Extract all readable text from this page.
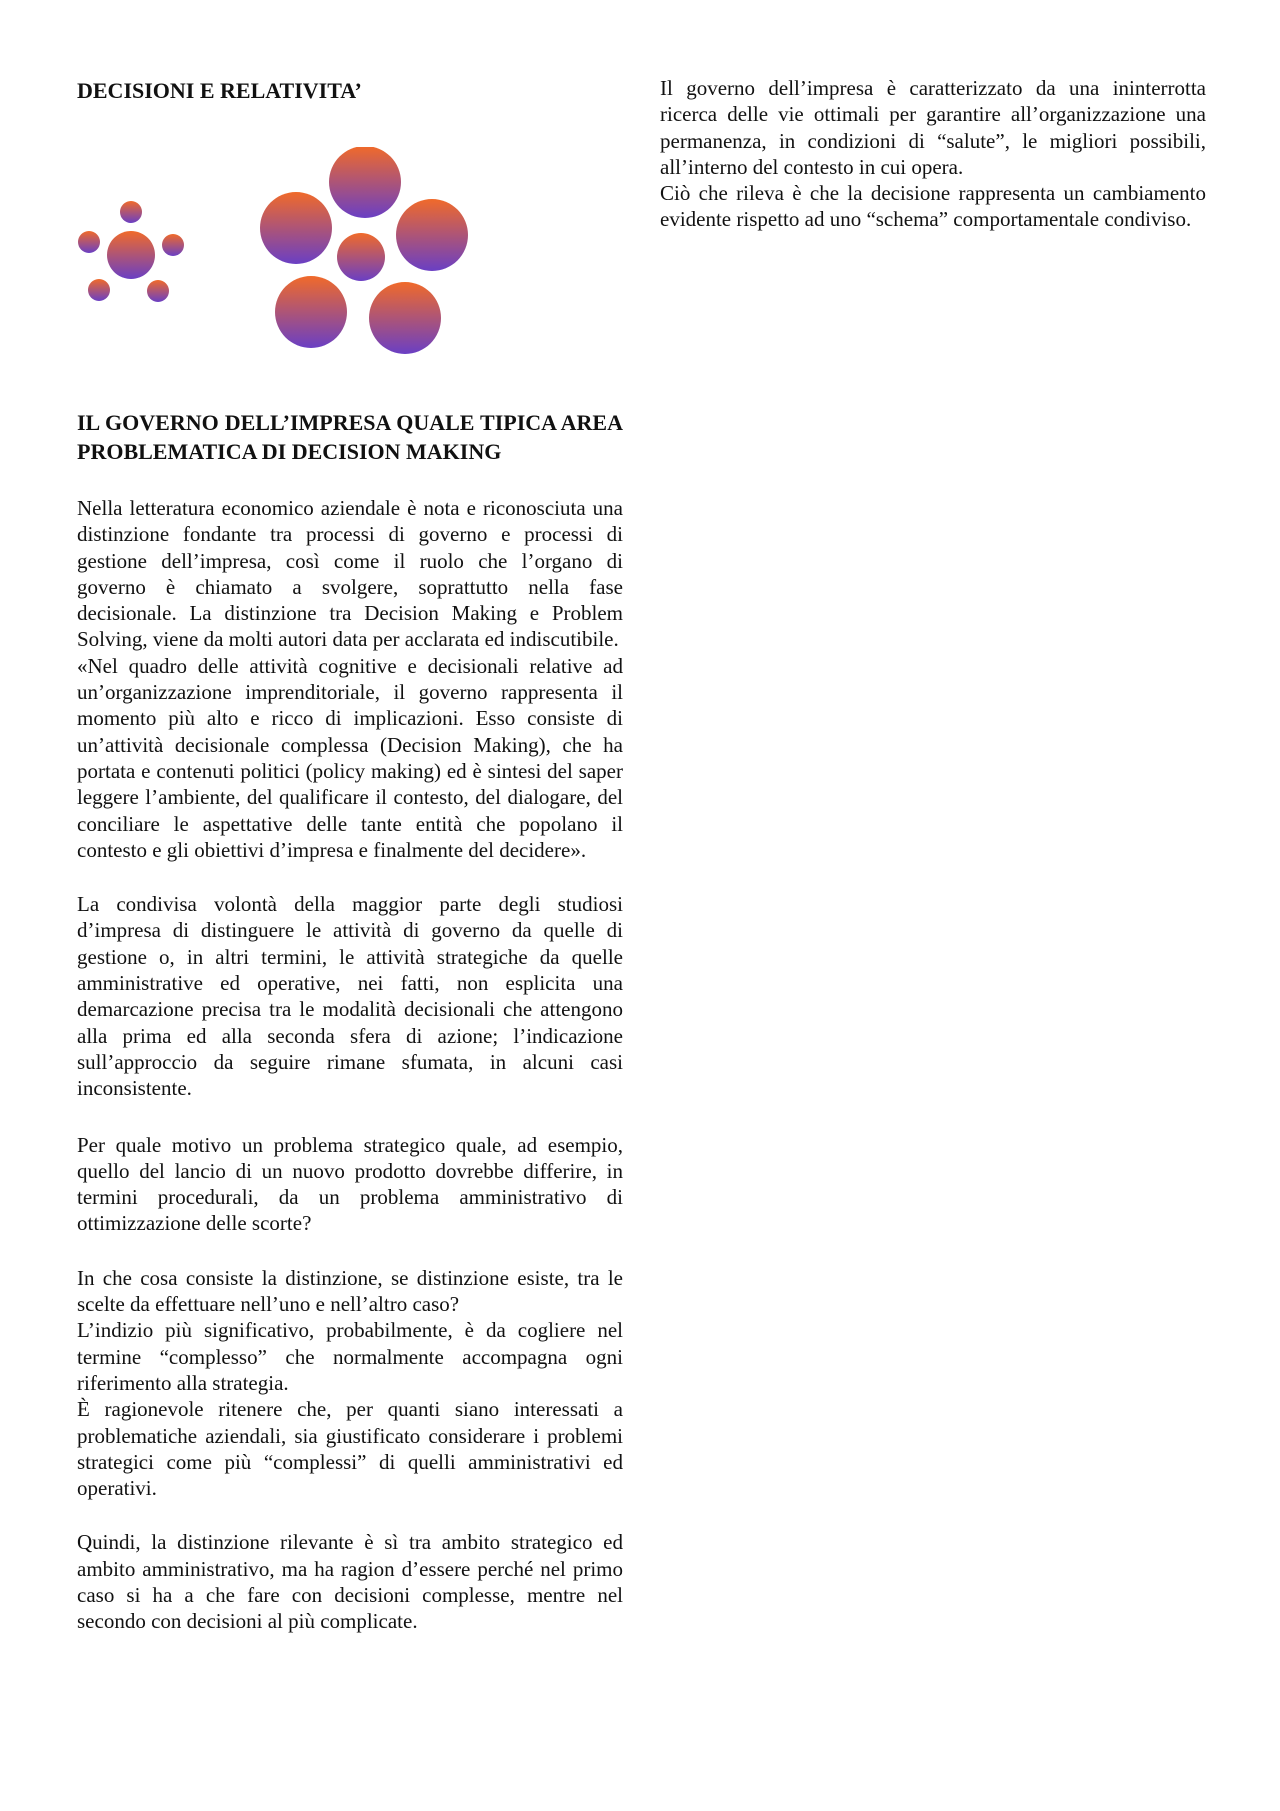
DECISIONI E RELATIVITA’
IL GOVERNO DELL’IMPRESA QUALE TIPICA AREA PROBLEMATICA DI DECISION MAKING

Nella letteratura economico aziendale è nota e riconosciuta una distinzione fondante tra processi di governo e processi di gestione dell’impresa, così come il ruolo che l’organo di governo è chiamato a svolgere, soprattutto nella fase decisionale. La distinzione tra Decision Making e Problem Solving, viene da molti autori data per acclarata ed indiscutibile.

«Nel quadro delle attività cognitive e decisionali relative ad un’organizzazione imprenditoriale, il governo rappresenta il momento più alto e ricco di implicazioni. Esso consiste di un’attività decisionale complessa (Decision Making), che ha portata e contenuti politici (policy making) ed è sintesi del saper leggere l’ambiente, del qualificare il contesto, del dialogare, del conciliare le aspettative delle tante entità che popolano il contesto e gli obiettivi d’impresa e finalmente del decidere».

La condivisa volontà della maggior parte degli studiosi d’impresa di distinguere le attività di governo da quelle di gestione o, in altri termini, le attività strategiche da quelle amministrative ed operative, nei fatti, non esplicita una demarcazione precisa tra le modalità decisionali che attengono alla prima ed alla seconda sfera di azione; l’indicazione sull’approccio da seguire rimane sfumata, in alcuni casi inconsistente.

Per quale motivo un problema strategico quale, ad esempio, quello del lancio di un nuovo prodotto dovrebbe differire, in termini procedurali, da un problema amministrativo di ottimizzazione delle scorte?

In che cosa consiste la distinzione, se distinzione esiste, tra le scelte da effettuare nell’uno e nell’altro caso?

L’indizio più significativo, probabilmente, è da cogliere nel termine “complesso” che normalmente accompagna ogni riferimento alla strategia.

È ragionevole ritenere che, per quanti siano interessati a problematiche aziendali, sia giustificato considerare i problemi strategici come più “complessi” di quelli amministrativi ed operativi.

Quindi, la distinzione rilevante è sì tra ambito strategico ed ambito amministrativo, ma ha ragion d’essere perché nel primo caso si ha a che fare con decisioni complesse, mentre nel secondo con decisioni al più complicate.

Il governo dell’impresa è caratterizzato da una ininterrotta ricerca delle vie ottimali per garantire all’organizzazione una permanenza, in condizioni di “salute”, le migliori possibili, all’interno del contesto in cui opera.

Ciò che rileva è che la decisione rappresenta un cambiamento evidente rispetto ad uno “schema” comportamentale condiviso.
